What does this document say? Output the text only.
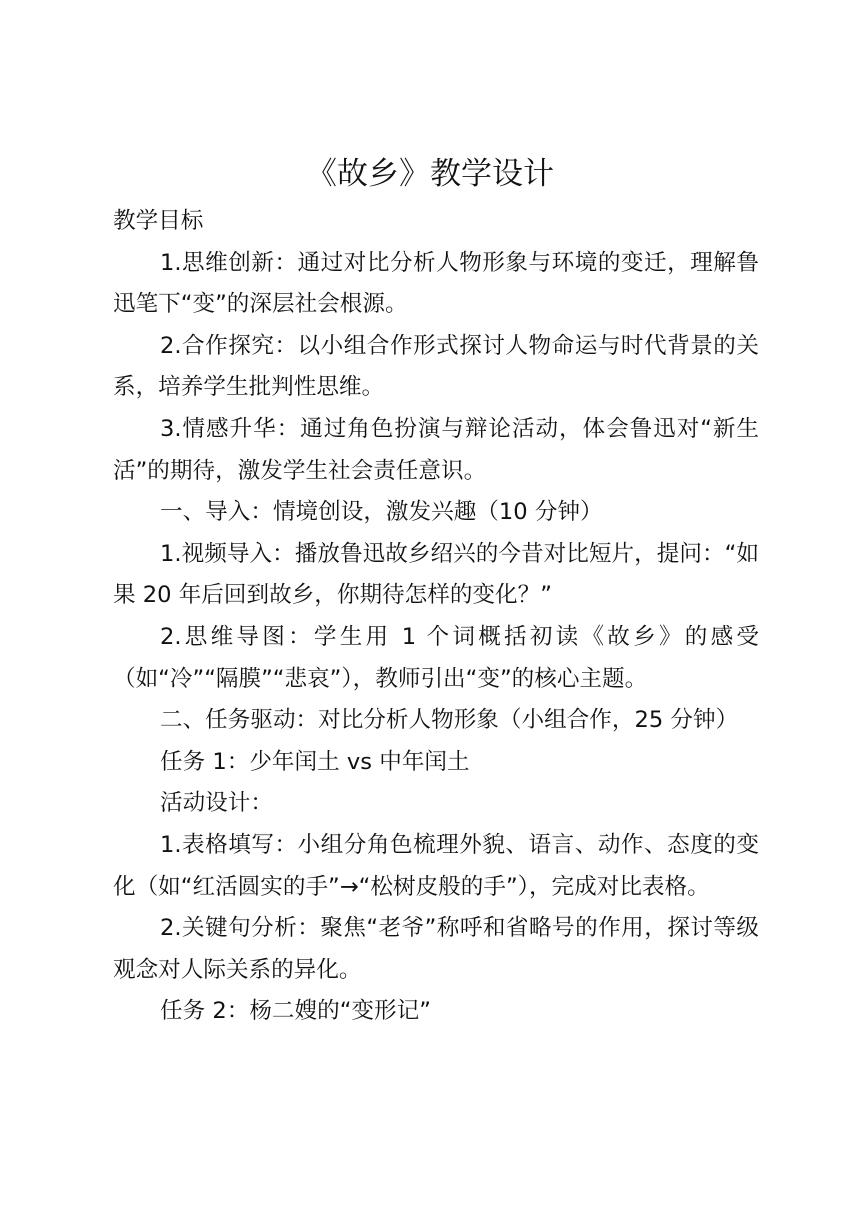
《故乡》教学设计

教学目标

1.思维创新：通过对比分析人物形象与环境的变迁，理解鲁迅笔下“变”的深层社会根源。

2.合作探究：以小组合作形式探讨人物命运与时代背景的关系，培养学生批判性思维。

3.情感升华：通过角色扮演与辩论活动，体会鲁迅对“新生活”的期待，激发学生社会责任意识。

一、导入：情境创设，激发兴趣（10 分钟）

1.视频导入：播放鲁迅故乡绍兴的今昔对比短片，提问：“如果 20 年后回到故乡，你期待怎样的变化？”

2.思维导图：学生用 1 个词概括初读《故乡》的感受（如“冷”“隔膜”“悲哀”），教师引出“变”的核心主题。

二、任务驱动：对比分析人物形象（小组合作，25 分钟）

任务 1：少年闰土 vs 中年闰土

活动设计：

1.表格填写：小组分角色梳理外貌、语言、动作、态度的变化（如“红活圆实的手”→“松树皮般的手”），完成对比表格。

2.关键句分析：聚焦“老爷”称呼和省略号的作用，探讨等级观念对人际关系的异化。

任务 2：杨二嫂的“变形记”
